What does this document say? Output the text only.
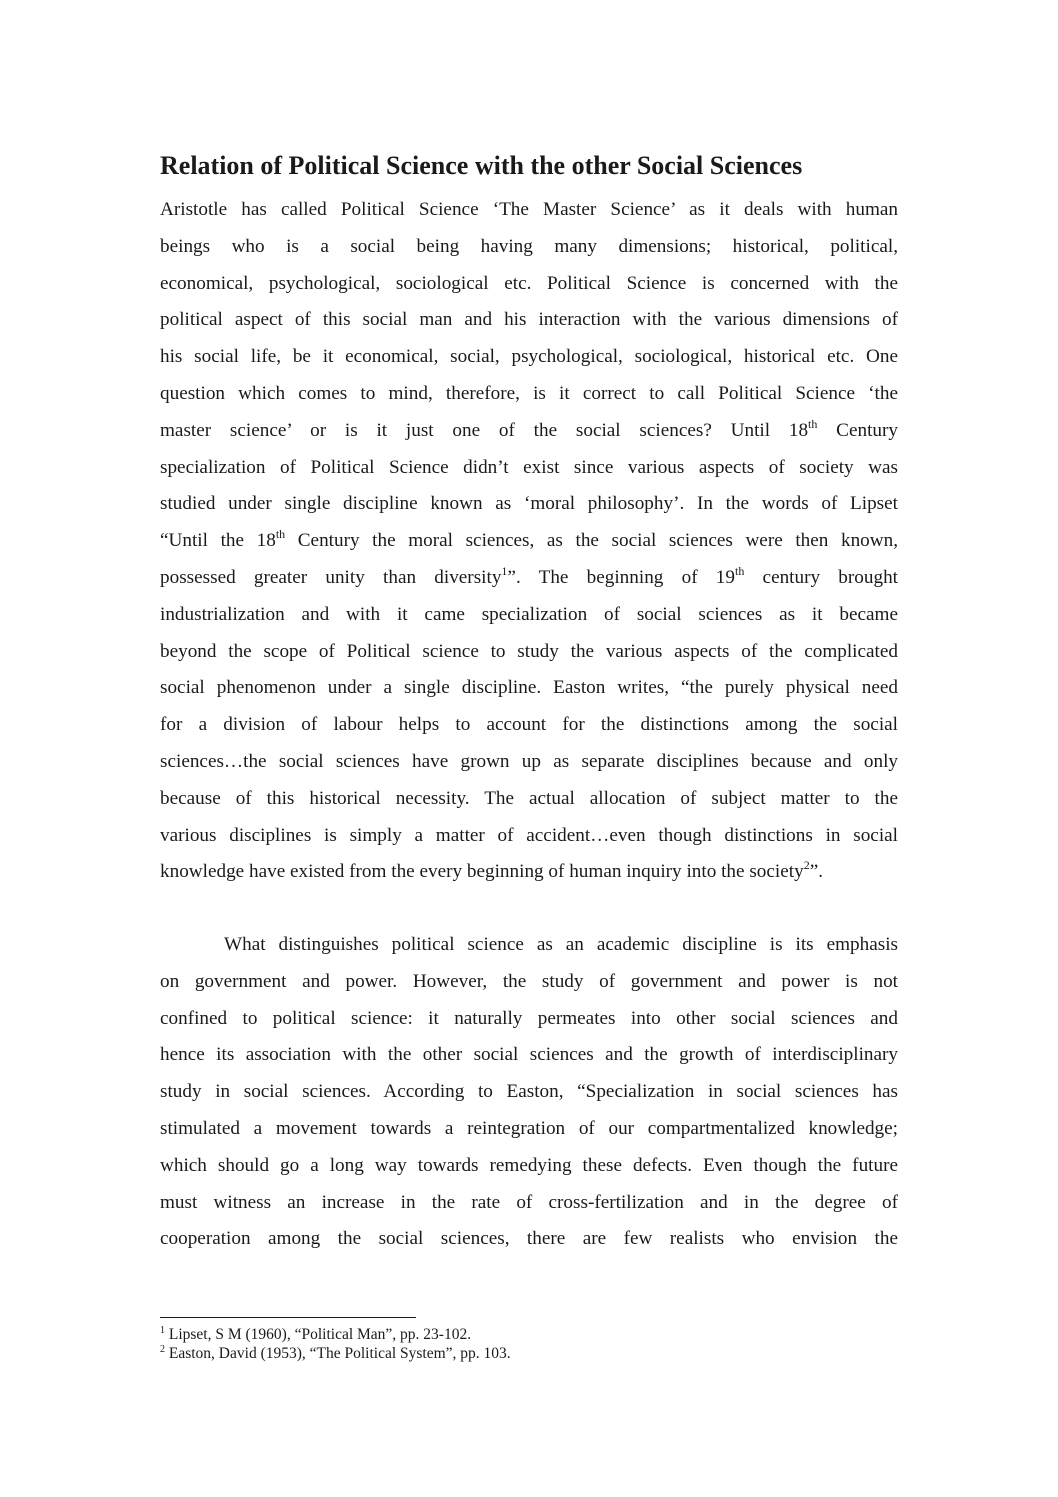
Relation of Political Science with the other Social Sciences
Aristotle has called Political Science ‘The Master Science’ as it deals with human
beings who is a social being having many dimensions; historical, political,
economical, psychological, sociological etc. Political Science is concerned with the
political aspect of this social man and his interaction with the various dimensions of
his social life, be it economical, social, psychological, sociological, historical etc. One
question which comes to mind, therefore, is it correct to call Political Science ‘the
master science’ or is it just one of the social sciences? Until 18th Century
specialization of Political Science didn’t exist since various aspects of society was
studied under single discipline known as ‘moral philosophy’. In the words of Lipset
“Until the 18th Century the moral sciences, as the social sciences were then known,
possessed greater unity than diversity$^1$”. The beginning of 19th century brought
industrialization and with it came specialization of social sciences as it became
beyond the scope of Political science to study the various aspects of the complicated
social phenomenon under a single discipline. Easton writes, “the purely physical need
for a division of labour helps to account for the distinctions among the social
sciences…the social sciences have grown up as separate disciplines because and only
because of this historical necessity. The actual allocation of subject matter to the
various disciplines is simply a matter of accident…even though distinctions in social
knowledge have existed from the every beginning of human inquiry into the society$^2$”.
What distinguishes political science as an academic discipline is its emphasis
on government and power. However, the study of government and power is not
confined to political science: it naturally permeates into other social sciences and
hence its association with the other social sciences and the growth of interdisciplinary
study in social sciences. According to Easton, “Specialization in social sciences has
stimulated a movement towards a reintegration of our compartmentalized knowledge;
which should go a long way towards remedying these defects. Even though the future
must witness an increase in the rate of cross-fertilization and in the degree of
cooperation among the social sciences, there are few realists who envision the
$^1$ Lipset, S M (1960), “Political Man”, pp. 23-102.
$^2$ Easton, David (1953), “The Political System”, pp. 103.
